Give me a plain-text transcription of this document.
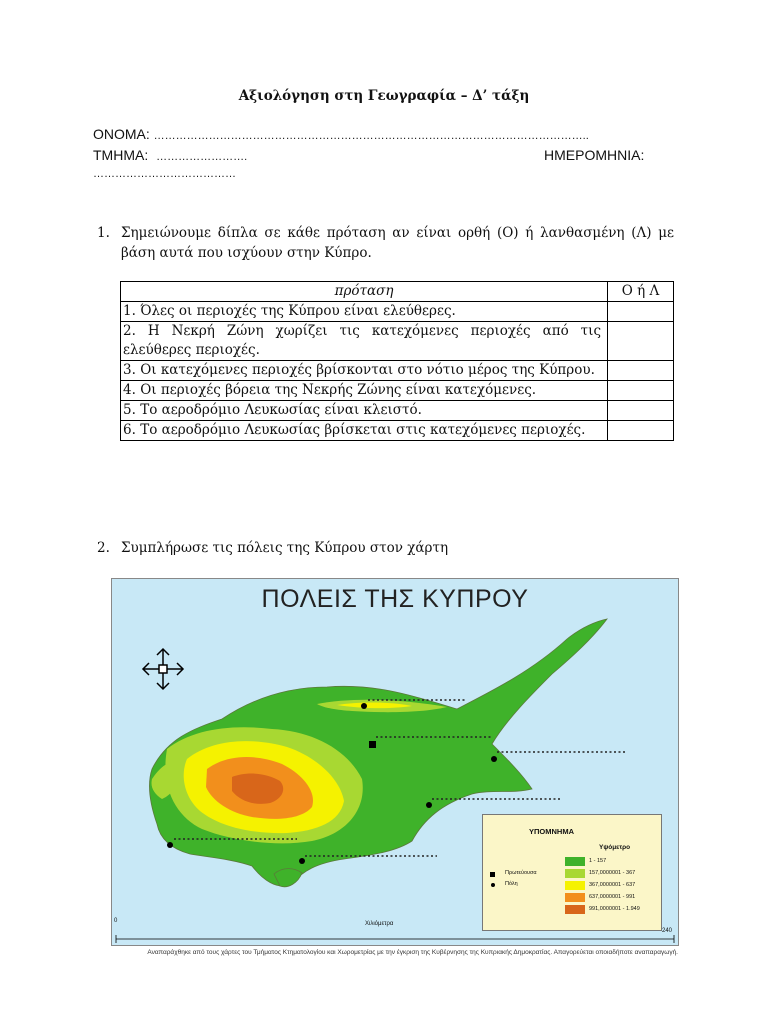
Αξιολόγηση στη Γεωγραφία – Δ’ τάξη
ΟΝΟΜΑ: ………………………………………………………………………………………………………..
ΤΜΗΜΑ: …………………….	ΗΜΕΡΟΜΗΝΙΑ:
…………………………………
1. Σημειώνουμε δίπλα σε κάθε πρόταση αν είναι ορθή (Ο) ή λανθασμένη (Λ) με βάση αυτά που ισχύουν στην Κύπρο.
πρόταση	Ο ή Λ
1. Όλες οι περιοχές της Κύπρου είναι ελεύθερες.	
2. Η Νεκρή Ζώνη χωρίζει τις κατεχόμενες περιοχές από τις ελεύθερες περιοχές.	
3. Οι κατεχόμενες περιοχές βρίσκονται στο νότιο μέρος της Κύπρου.	
4. Οι περιοχές βόρεια της Νεκρής Ζώνης είναι κατεχόμενες.	
5. Το αεροδρόμιο Λευκωσίας είναι κλειστό.	
6. Το αεροδρόμιο Λευκωσίας βρίσκεται στις κατεχόμενες περιοχές.	
2. Συμπλήρωσε τις πόλεις της Κύπρου στον χάρτη
ΠΟΛΕΙΣ ΤΗΣ ΚΥΠΡΟΥ
0
240
Χιλιόμετρα
ΥΠΟΜΝΗΜΑ
Υψόμετρο
Πρωτεύουσα
Πόλη
1 - 157
157,0000001 - 367
367,0000001 - 637
637,0000001 - 991
991,0000001 - 1.949
Αναπαράχθηκε από τους χάρτες του Τμήματος Κτηματολογίου και Χωρομετρίας με την έγκριση της Κυβέρνησης της Κυπριακής Δημοκρατίας. Απαγορεύεται οποιαδήποτε αναπαραγωγή.
